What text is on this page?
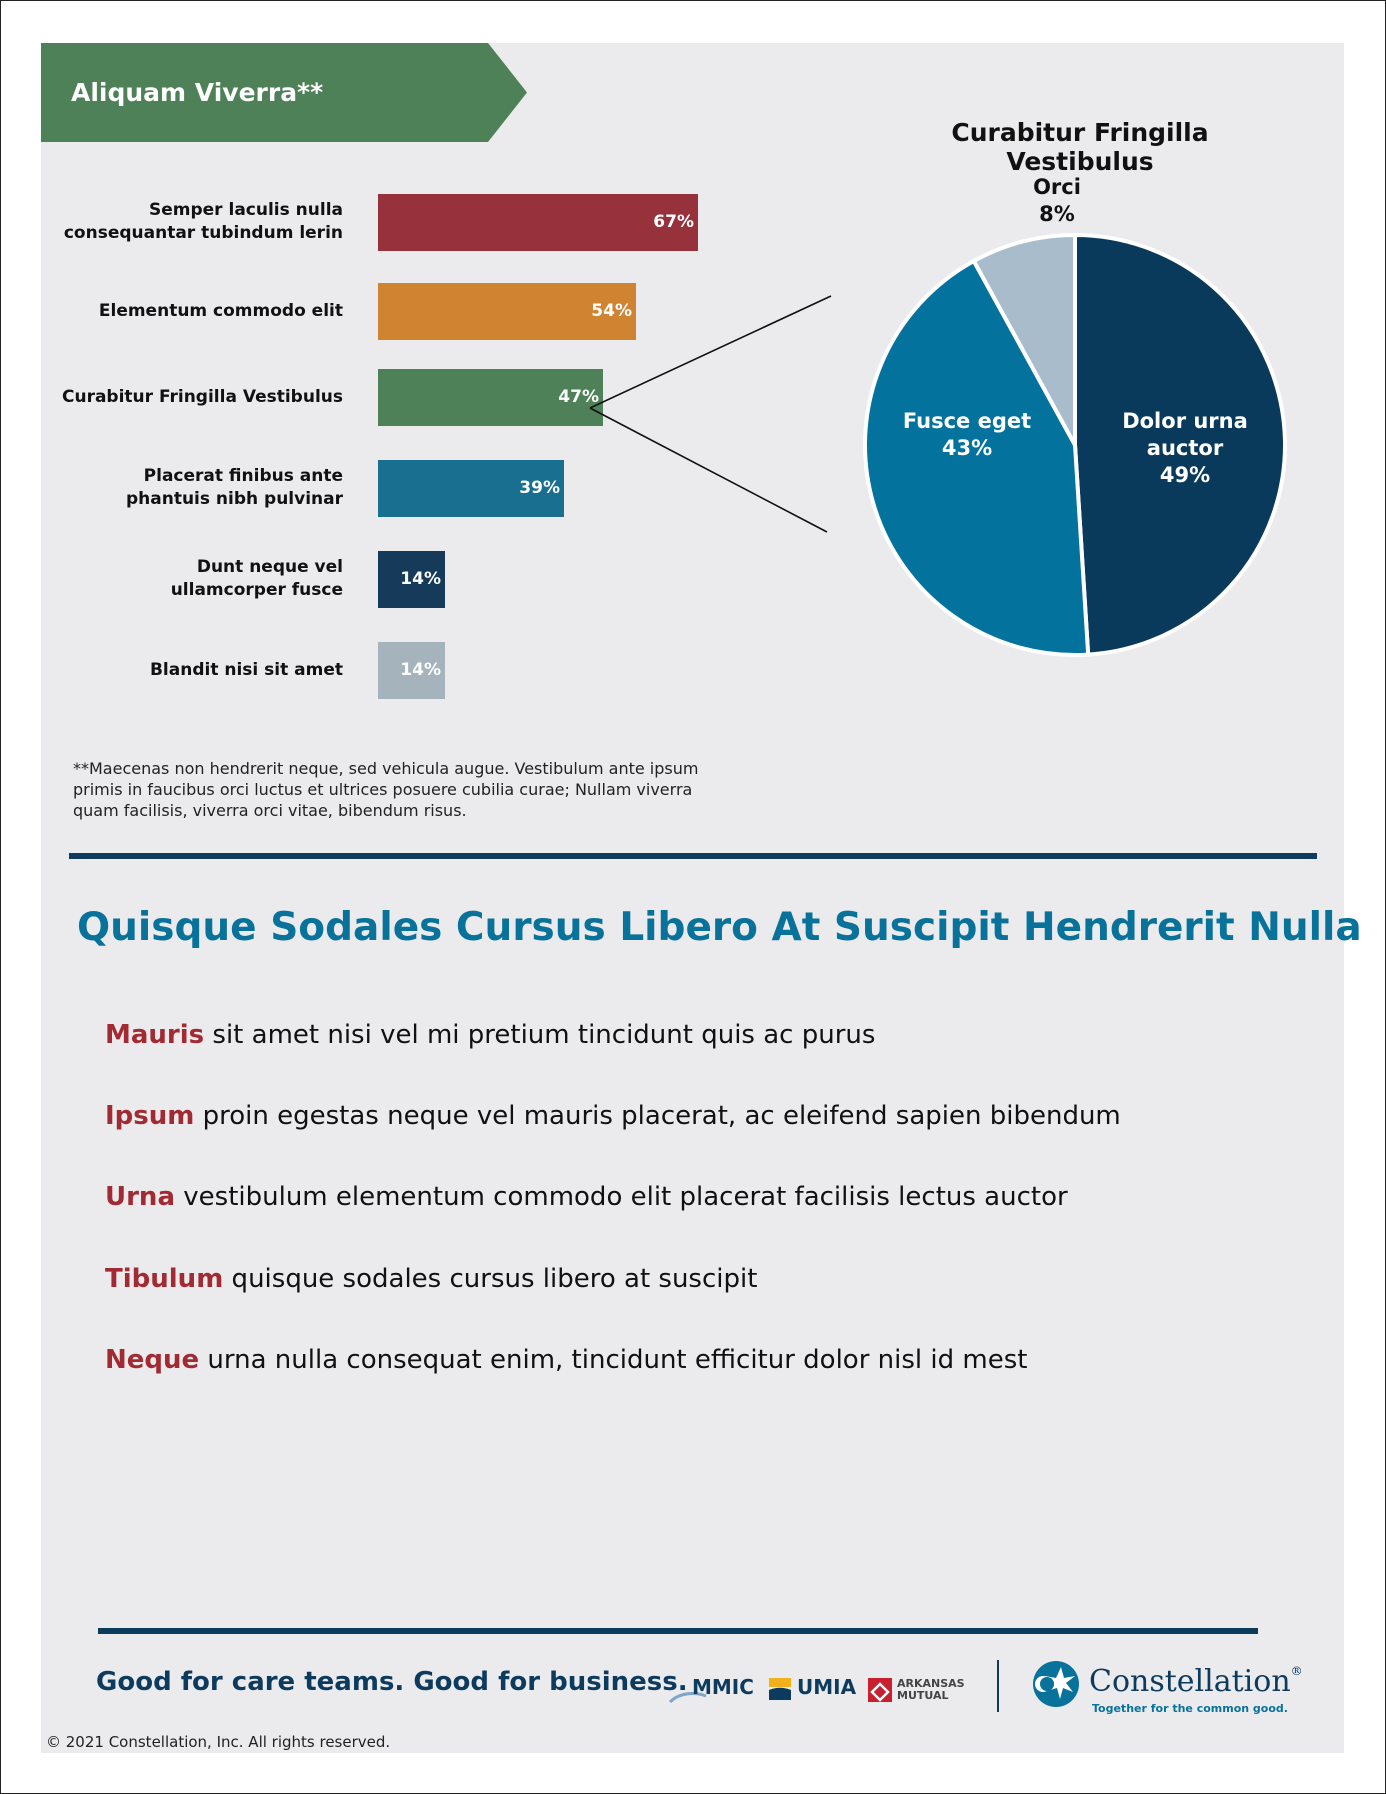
Aliquam Viverra**
Semper laculis nulla
consequantar tubindum lerin
67%
Elementum commodo elit	54%
Curabitur Fringilla Vestibulus	47%
Placerat finibus ante
phantuis nibh pulvinar
39%
Dunt neque vel
ullamcorper fusce
14%
Blandit nisi sit amet	14%
Curabitur Fringilla Vestibulus
Dolor urna
auctor
49%
Fusce eget
43%
Orci
8%
**Maecenas non hendrerit neque, sed vehicula augue. Vestibulum ante ipsum primis in faucibus orci luctus et ultrices posuere cubilia curae; Nullam viverra quam facilisis, viverra orci vitae, bibendum risus.
Quisque Sodales Cursus Libero At Suscipit Hendrerit Nulla
Mauris sit amet nisi vel mi pretium tincidunt quis ac purus
Ipsum proin egestas neque vel mauris placerat, ac eleifend sapien bibendum
Urna vestibulum elementum commodo elit placerat facilisis lectus auctor
Tibulum quisque sodales cursus libero at suscipit
Neque urna nulla consequat enim, tincidunt efficitur dolor nisl id mest
Good for care teams. Good for business. MMIC UMIA	ARKANSAS
MUTUAL	Constellation®
Together for the common good.
© 2021 Constellation, Inc. All rights reserved.
